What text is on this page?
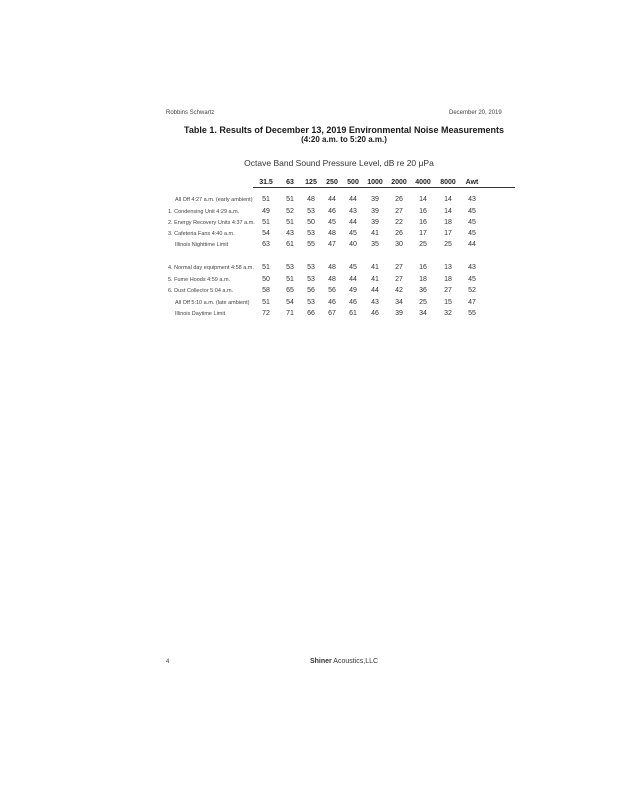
Robbins Schwartz	December 20, 2019
Table 1. Results of December 13, 2019 Environmental Noise Measurements
(4:20 a.m. to 5:20 a.m.)
Octave Band Sound Pressure Level, dB re 20 μPa
31.5	63	125	250	500	1000	2000	4000	8000	Awt
All Off 4:27 a.m. (early ambient)	51	51	48	44	44	39	26	14	14	43
1. Condensing Unit 4:29 a.m.	49	52	53	46	43	39	27	16	14	45
2. Energy Recovery Units 4:37 a.m.	51	51	50	45	44	39	22	16	18	45
3. Cafeteria Fans 4:40 a.m.	54	43	53	48	45	41	26	17	17	45
Illinois Nighttime Limit	63	61	55	47	40	35	30	25	25	44
4. Normal day equipment 4:58 a.m.	51	53	53	48	45	41	27	16	13	43
5. Fume Hoods 4:59 a.m.	50	51	53	48	44	41	27	18	18	45
6. Dust Collector 5:04 a.m.	58	65	56	56	49	44	42	36	27	52
All Off 5:10 a.m. (late ambient)	51	54	53	46	46	43	34	25	15	47
Illinois Daytime Limit	72	71	66	67	61	46	39	34	32	55
4	Shiner Acoustics,LLC
